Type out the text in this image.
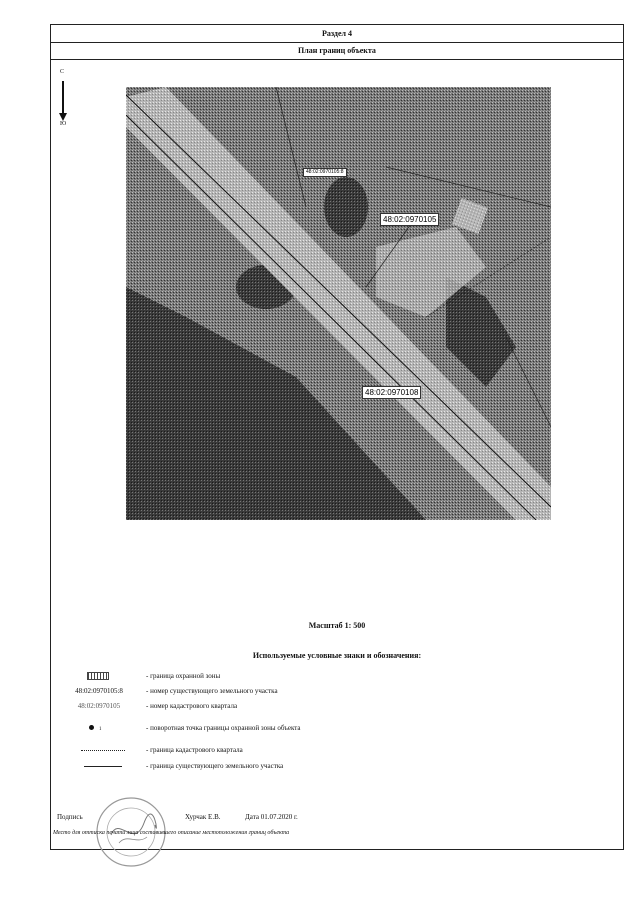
Раздел 4
План границ объекта
С
Ю
48:02:0970105:8
48:02:0970105
48:02:0970108
Масштаб 1: 500
Используемые условные знаки и обозначения:
- граница охранной зоны
48:02:0970105:8	- номер существующего земельного участка
48:02:0970105	- номер кадастрового квартала
1	- поворотная точка границы охранной зоны объекта
- граница кадастрового квартала
- граница существующего земельного участка
Подпись	Хурчак Е.В.	Дата 01.07.2020 г.
Место для оттиска печати лица составившего описание местоположения границ объекта
